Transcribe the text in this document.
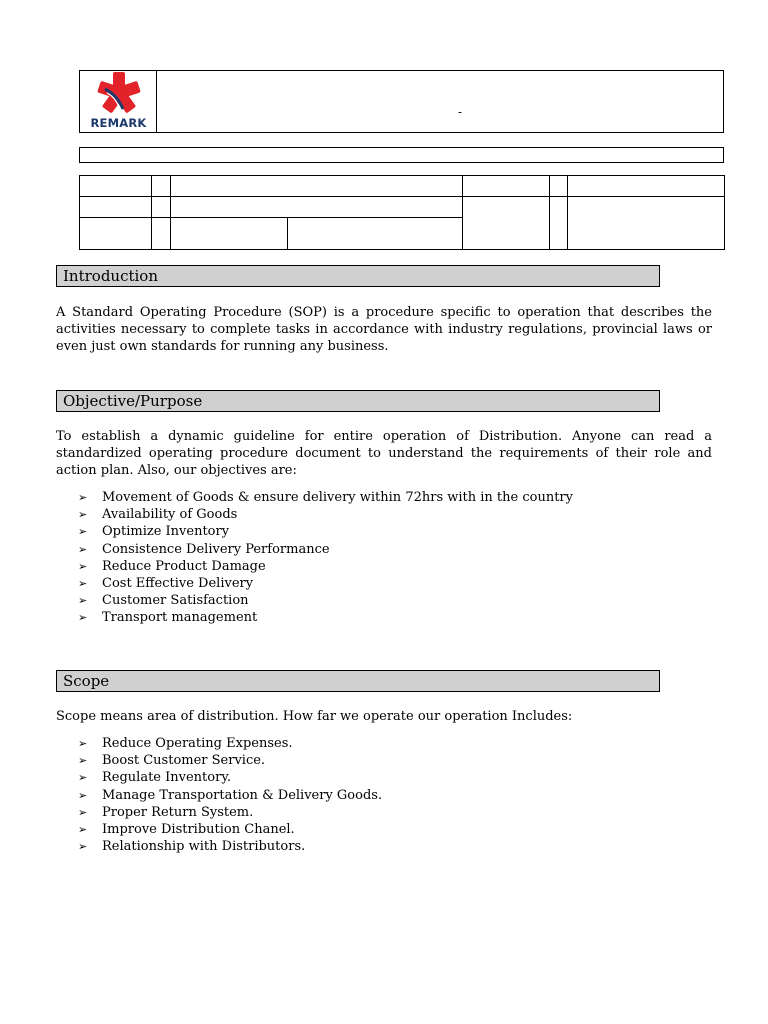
REMARK
-

Introduction
A Standard Operating Procedure (SOP) is a procedure specific to operation that describes the activities necessary to complete tasks in accordance with industry regulations, provincial laws or even just own standards for running any business.
Objective/Purpose
To establish a dynamic guideline for entire operation of Distribution. Anyone can read a standardized operating procedure document to understand the requirements of their role and action plan. Also, our objectives are:
➢ Movement of Goods & ensure delivery within 72hrs with in the country
➢ Availability of Goods
➢ Optimize Inventory
➢ Consistence Delivery Performance
➢ Reduce Product Damage
➢ Cost Effective Delivery
➢ Customer Satisfaction
➢ Transport management
Scope
Scope means area of distribution. How far we operate our operation Includes:
➢ Reduce Operating Expenses.
➢ Boost Customer Service.
➢ Regulate Inventory.
➢ Manage Transportation & Delivery Goods.
➢ Proper Return System.
➢ Improve Distribution Chanel.
➢ Relationship with Distributors.
